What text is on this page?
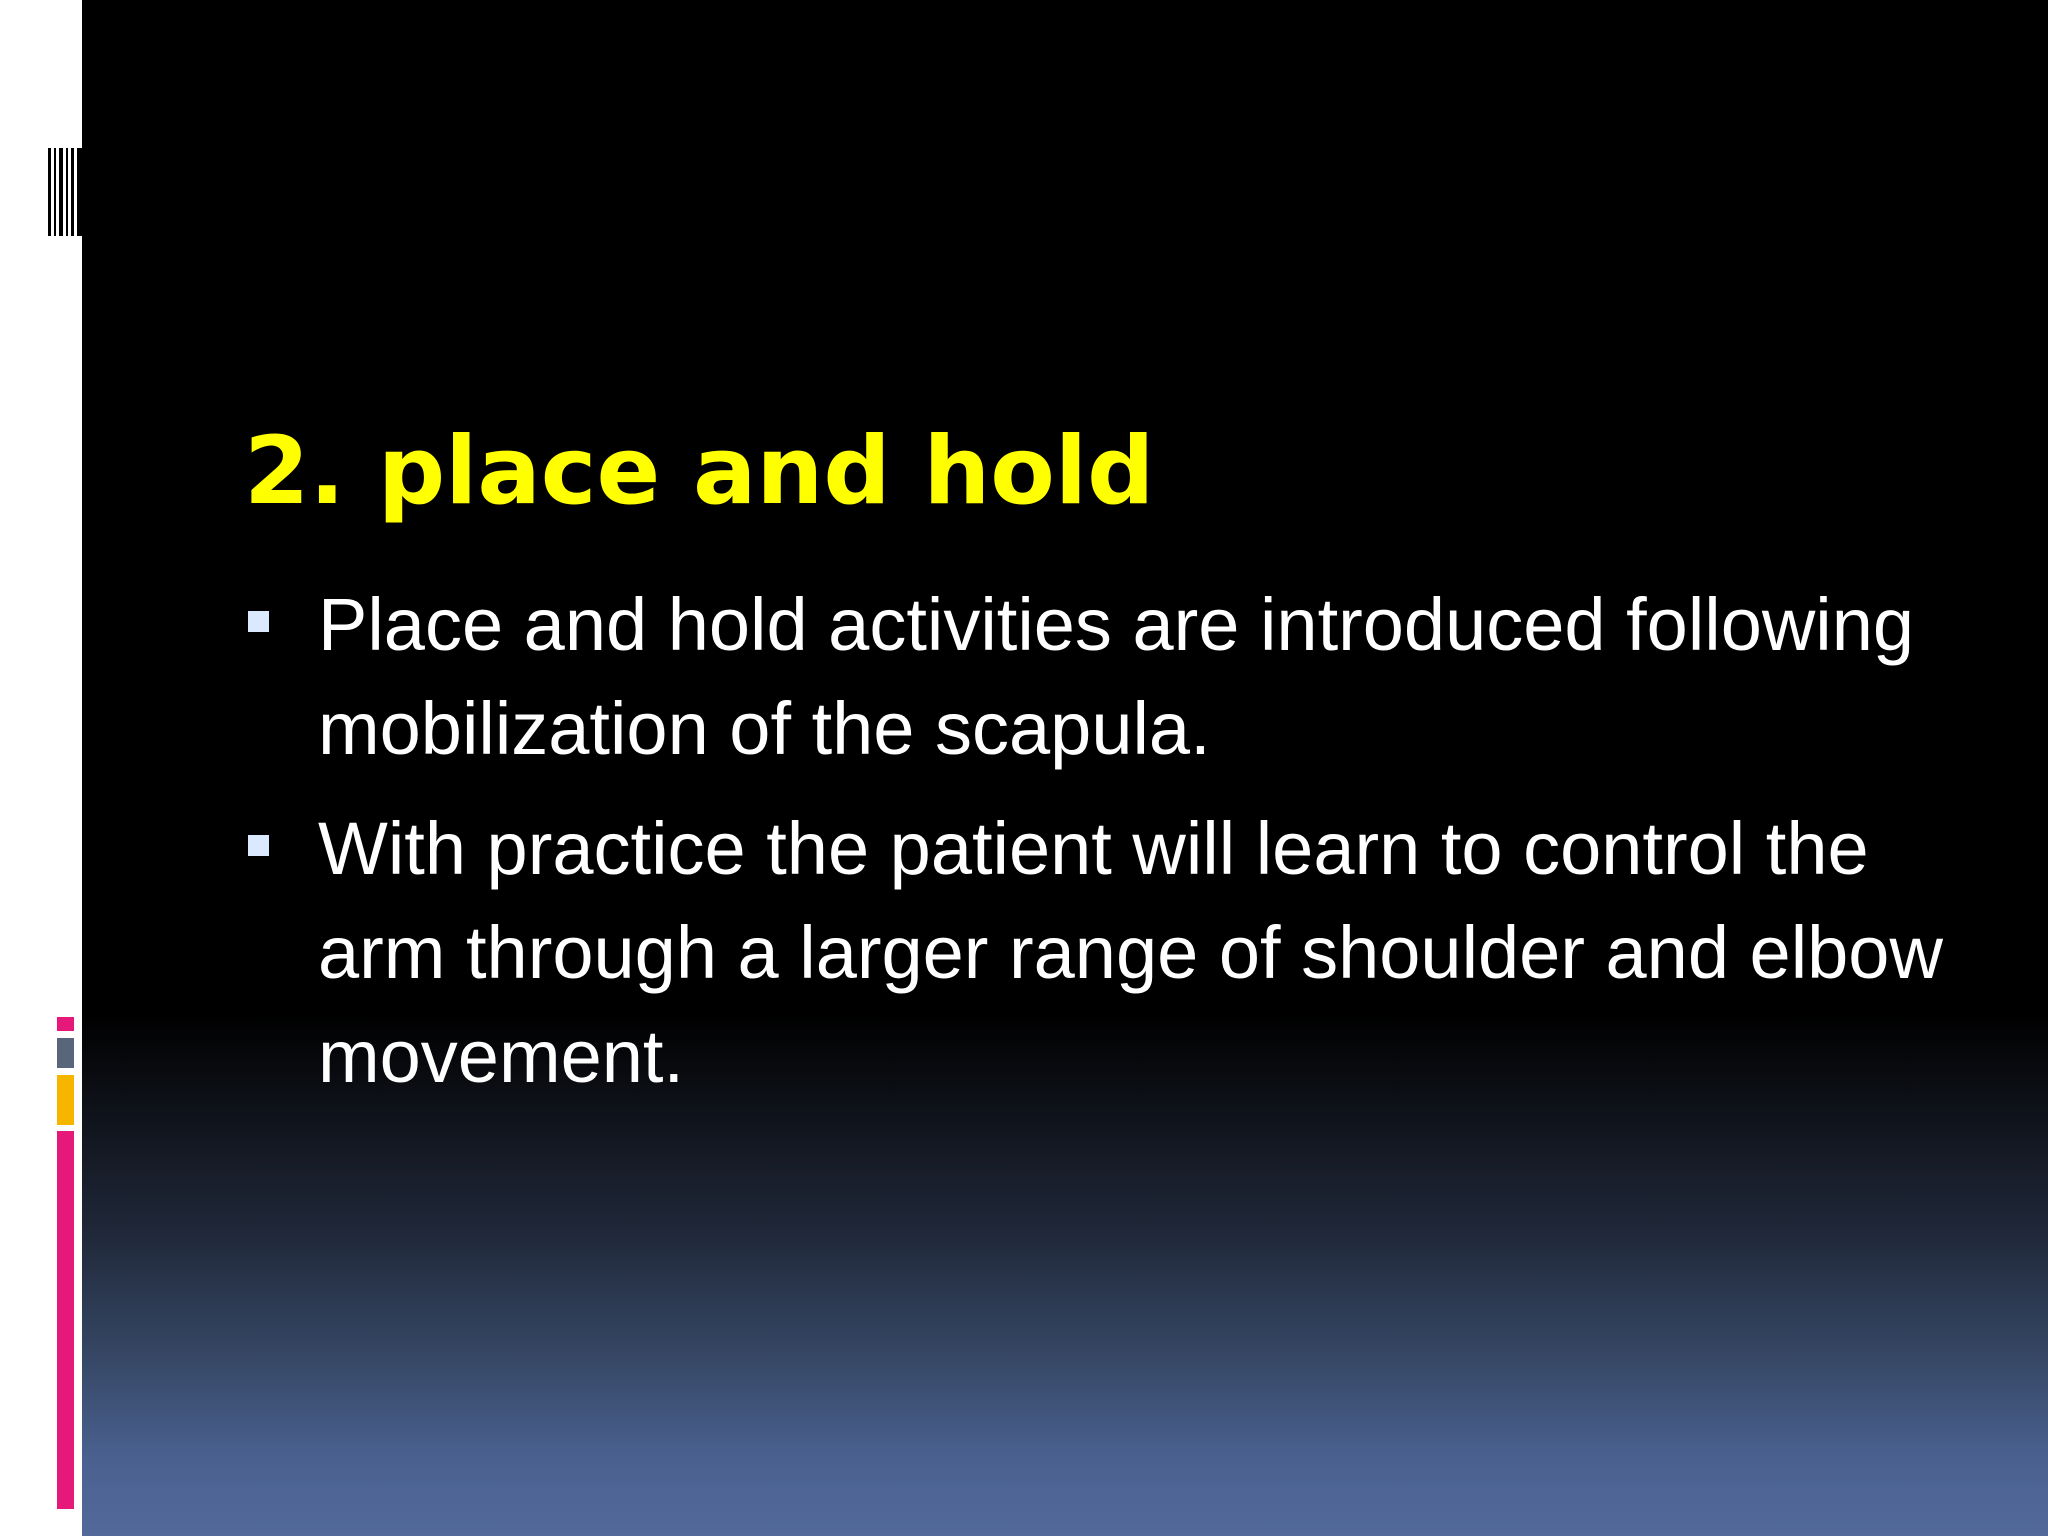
2. place and hold
Place and hold activities are introduced following mobilization of the scapula.
With practice the patient will learn to control the arm through a larger range of shoulder and elbow movement.
